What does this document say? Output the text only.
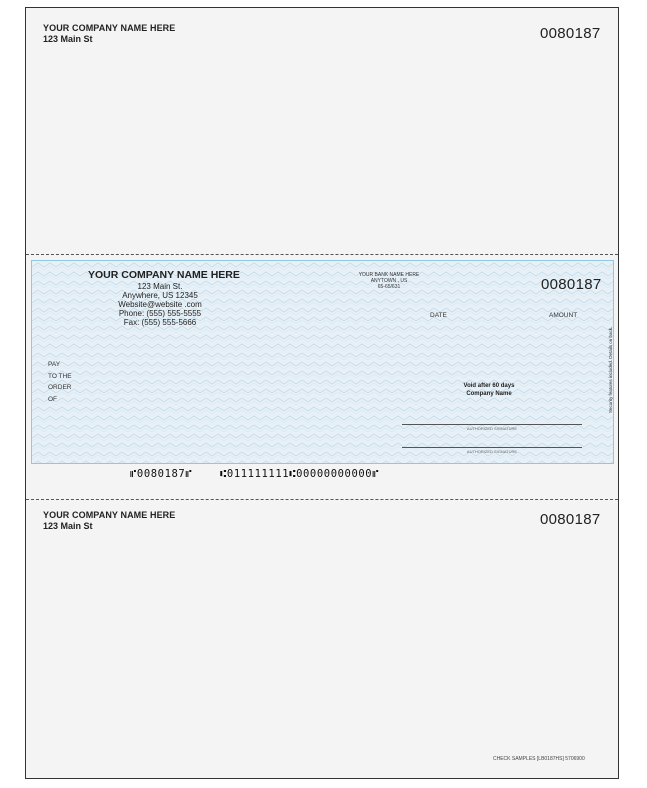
YOUR COMPANY NAME HERE
123 Main St	0080187
YOUR COMPANY NAME HERE
123 Main St.
Anywhere, US 12345
Website@website .com
Phone: (555) 555-5555
Fax: (555) 555-5666
YOUR BANK NAME HERE
ANYTOWN , US
65-65/631	0080187
DATE	AMOUNT
PAY
TO THE
ORDER
OF
Void after 60 days
Company Name
AUTHORIZED SIGNATURE
AUTHORIZED SIGNATURE
Security features included. Details on back.
⑈0080187⑈	⑆011111111⑆00000000000⑈
YOUR COMPANY NAME HERE
123 Main St	0080187
CHECK SAMPLES [LB0187HS] 5706900
